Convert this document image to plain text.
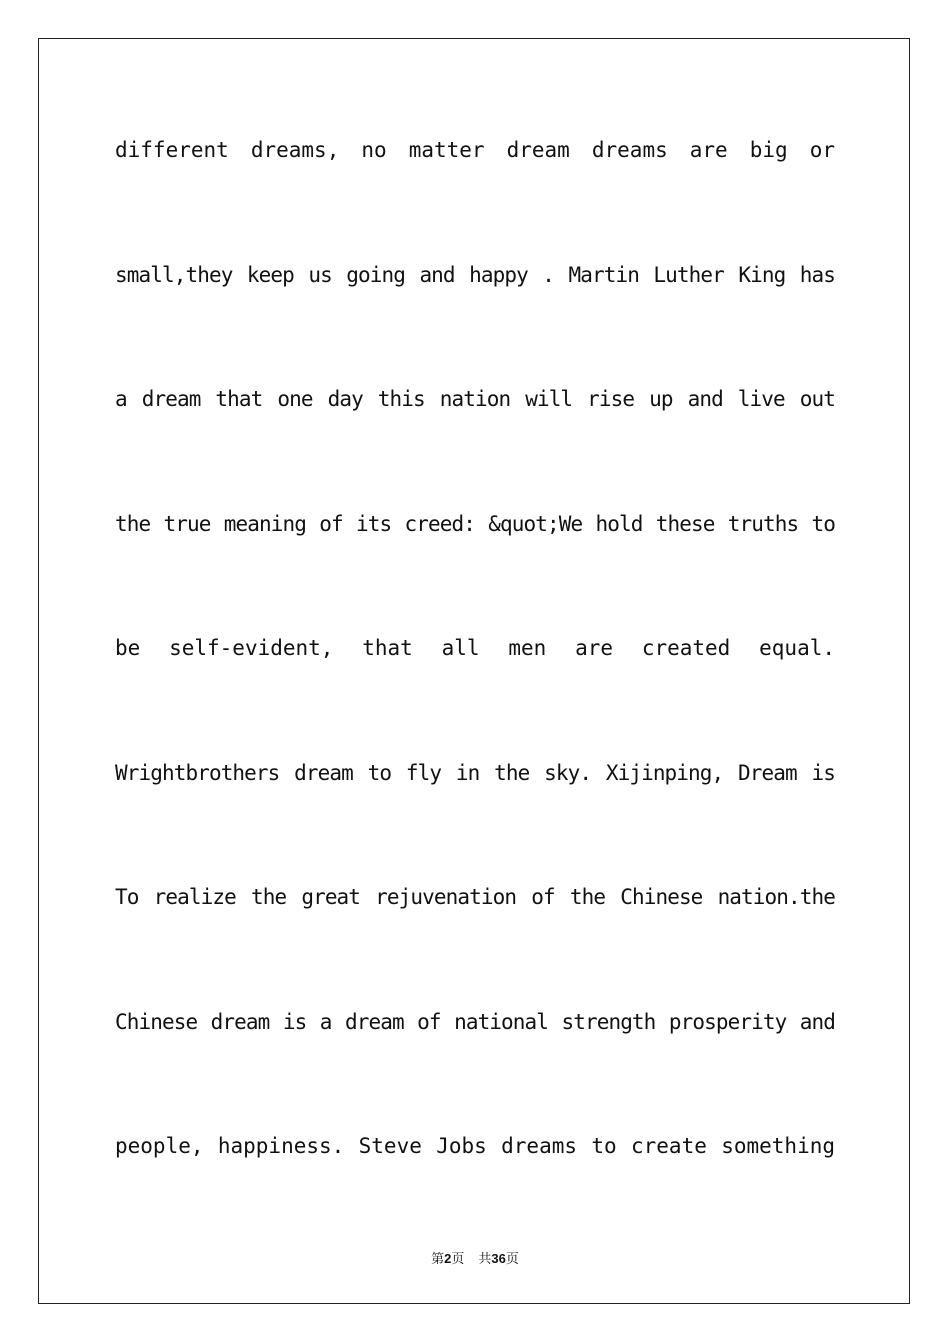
different dreams, no matter dream dreams are big or
small,they keep us going and happy . Martin Luther King has
a dream that one day this nation will rise up and live out
the true meaning of its creed: &quot;We hold these truths to
be self-evident, that all men are created equal.
Wrightbrothers dream to fly in the sky. Xijinping, Dream is
To realize the great rejuvenation of the Chinese nation.the
Chinese dream is a dream of national strength prosperity and
people, happiness. Steve Jobs dreams to create something
第2页 共36页
